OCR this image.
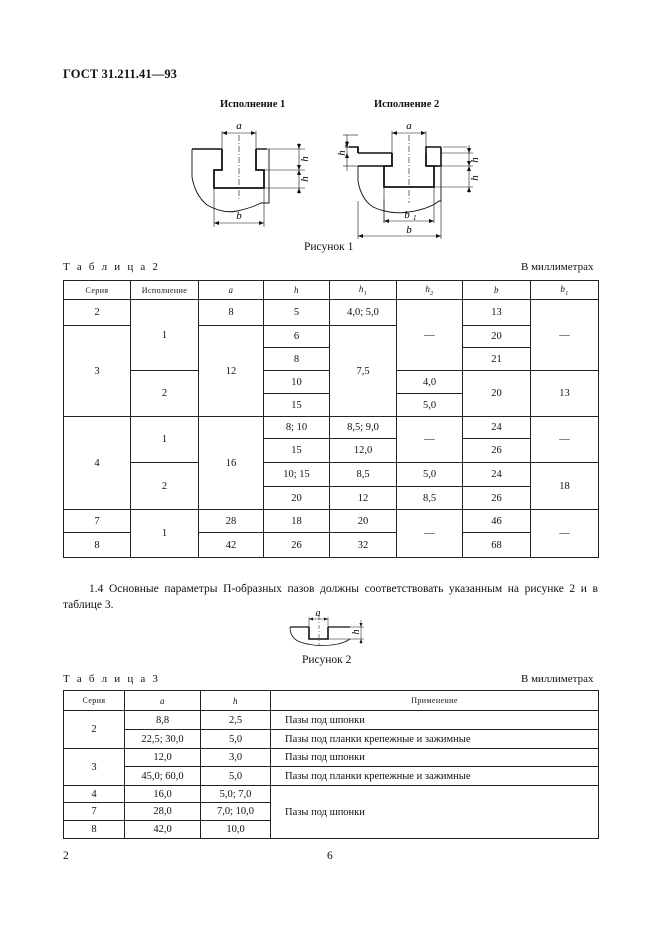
ГОСТ 31.211.41—93
Исполнение 1	Исполнение 2
a
b
h
h
a
h
2
b 1
b
h
h
Рисунок 1
Т а б л и ц а 2	В миллиметрах
Серия	Исполнение	a	h	$h_1$	$h_2$	b	$b_1$
2	1	8	5	4,0; 5,0	—	13	—
3		12	6	7,5		20	
			8			21	
	2		10		4,0	20	13
			15		5,0		
4	1	16	8; 10	8,5; 9,0	—	24	—
			15	12,0		26	
	2		10; 15	8,5	5,0	24	18
			20	12	8,5	26	
7	1	28	18	20	—	46	—
8		42	26	32		68	
1.4 Основные параметры П-образных пазов должны соответствовать указанным на рисунке 2 и в таблице 3.
a
h
Рисунок 2
Т а б л и ц а 3	В миллиметрах
Серия	a	h	Применение
2	8,8	2,5	Пазы под шпонки
	22,5; 30,0	5,0	Пазы под планки крепежные и зажимные
3	12,0	3,0	Пазы под шпонки
	45,0; 60,0	5,0	Пазы под планки крепежные и зажимные
4	16,0	5,0; 7,0	Пазы под шпонки
7	28,0	7,0; 10,0	
8	42,0	10,0	
2	6
